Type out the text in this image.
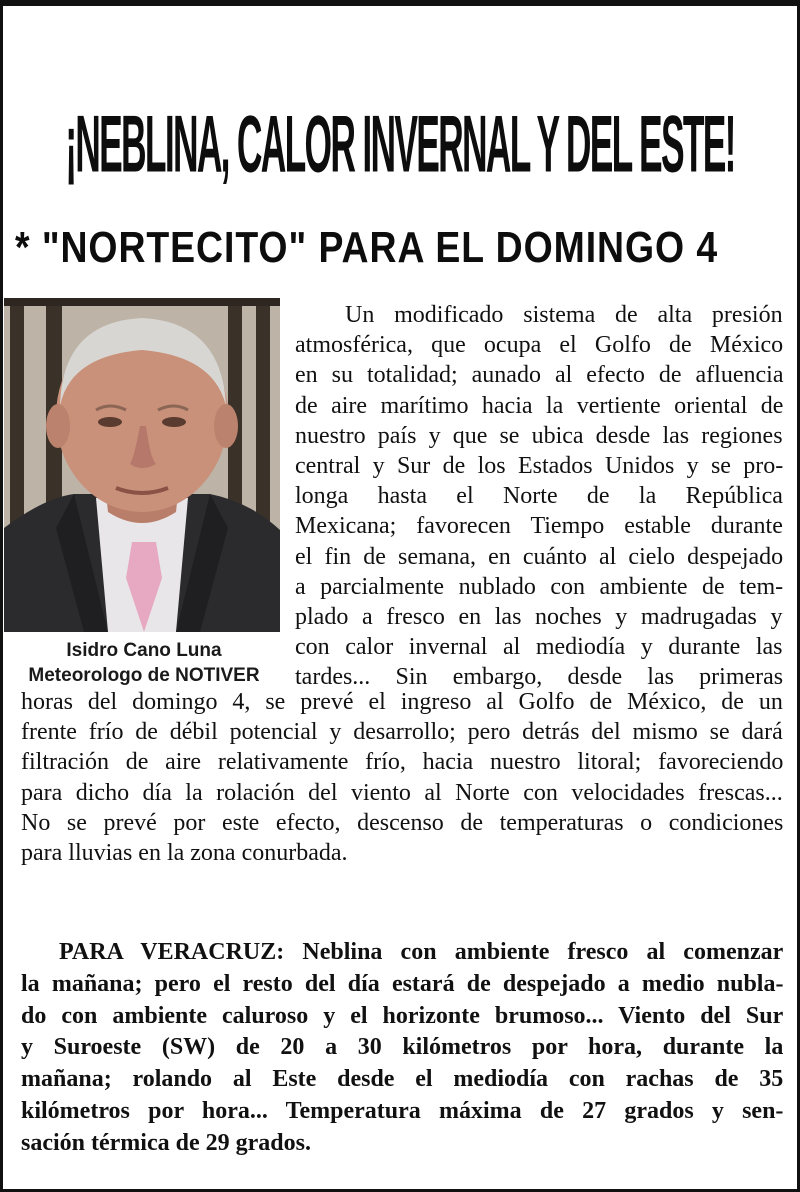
¡NEBLINA, CALOR INVERNAL Y DEL ESTE!
* "NORTECITO" PARA EL DOMINGO 4
Isidro Cano Luna
Meteorologo de NOTIVER
Un modificado sistema de alta presión
atmosférica, que ocupa el Golfo de México
en su totalidad; aunado al efecto de afluencia
de aire marítimo hacia la vertiente oriental de
nuestro país y que se ubica desde las regiones
central y Sur de los Estados Unidos y se pro-
longa hasta el Norte de la República
Mexicana; favorecen Tiempo estable durante
el fin de semana, en cuánto al cielo despejado
a parcialmente nublado con ambiente de tem-
plado a fresco en las noches y madrugadas y
con calor invernal al mediodía y durante las
tardes... Sin embargo, desde las primeras
horas del domingo 4, se prevé el ingreso al Golfo de México, de un
frente frío de débil potencial y desarrollo; pero detrás del mismo se dará
filtración de aire relativamente frío, hacia nuestro litoral; favoreciendo
para dicho día la rolación del viento al Norte con velocidades frescas...
No se prevé por este efecto, descenso de temperaturas o condiciones
para lluvias en la zona conurbada.
PARA VERACRUZ: Neblina con ambiente fresco al comenzar
la mañana; pero el resto del día estará de despejado a medio nubla-
do con ambiente caluroso y el horizonte brumoso... Viento del Sur
y Suroeste (SW) de 20 a 30 kilómetros por hora, durante la
mañana; rolando al Este desde el mediodía con rachas de 35
kilómetros por hora... Temperatura máxima de 27 grados y sen-
sación térmica de 29 grados.
